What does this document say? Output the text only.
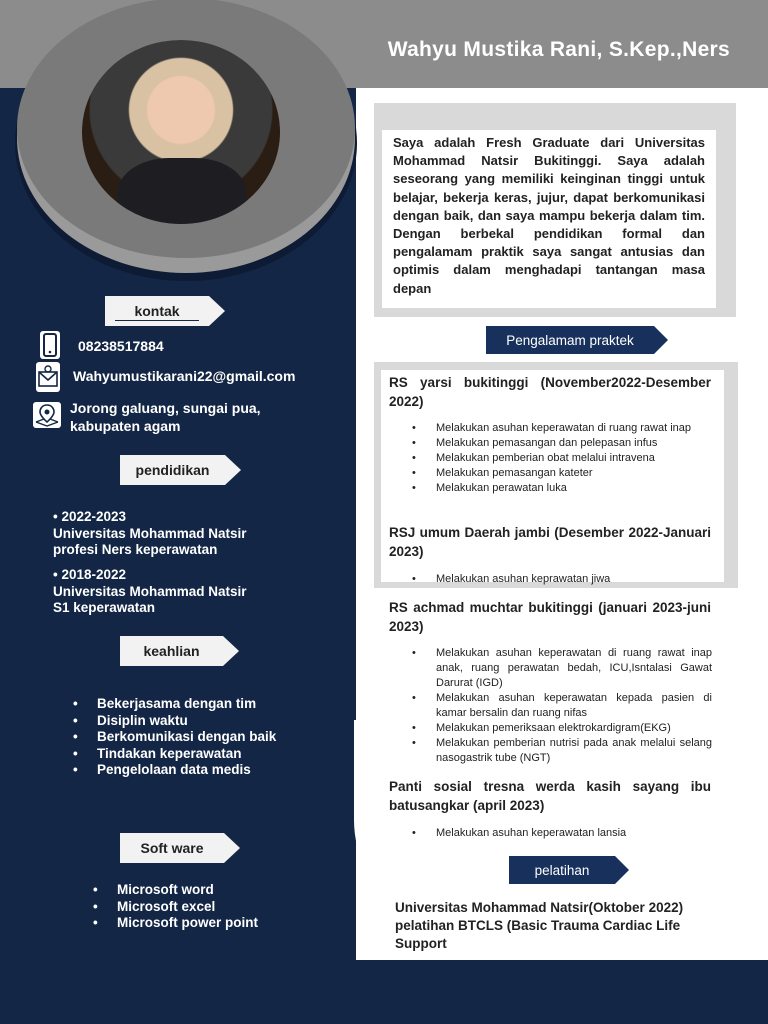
Wahyu Mustika Rani, S.Kep.,Ners
kontak
08238517884
Wahyumustikarani22@gmail.com
Jorong galuang, sungai pua,
kabupaten agam
pendidikan
• 2022-2023
Universitas Mohammad Natsir
profesi Ners keperawatan
• 2018-2022
Universitas Mohammad Natsir
S1 keperawatan
keahlian
• Bekerjasama dengan tim
• Disiplin waktu
• Berkomunikasi dengan baik
• Tindakan keperawatan
• Pengelolaan data medis
Soft ware
• Microsoft word
• Microsoft excel
• Microsoft power point
Saya adalah Fresh Graduate dari Universitas Mohammad Natsir Bukitinggi. Saya adalah seseorang yang memiliki keinginan tinggi untuk belajar, bekerja keras, jujur, dapat berkomunikasi dengan baik, dan saya mampu bekerja dalam tim. Dengan berbekal pendidikan formal dan pengalamam praktik saya sangat antusias dan optimis dalam menghadapi tantangan masa depan
Pengalamam praktek
RS yarsi bukitinggi (November2022-Desember 2022)
• Melakukan asuhan keperawatan di ruang rawat inap
• Melakukan pemasangan dan pelepasan infus
• Melakukan pemberian obat melalui intravena
• Melakukan pemasangan kateter
• Melakukan perawatan luka
RSJ umum Daerah jambi (Desember 2022-Januari 2023)
• Melakukan asuhan keprawatan jiwa
RS achmad muchtar bukitinggi (januari 2023-juni 2023)
• Melakukan asuhan keperawatan di ruang rawat inap anak, ruang perawatan bedah, ICU,Isntalasi Gawat Darurat (IGD)
• Melakukan asuhan keperawatan kepada pasien di kamar bersalin dan ruang nifas
• Melakukan pemeriksaan elektrokardigram(EKG)
• Melakukan pemberian nutrisi pada anak melalui selang nasogastrik tube (NGT)
Panti sosial tresna werda kasih sayang ibu batusangkar (april 2023)
• Melakukan asuhan keperawatan lansia
pelatihan
Universitas Mohammad Natsir(Oktober 2022) pelatihan BTCLS (Basic Trauma Cardiac Life Support
